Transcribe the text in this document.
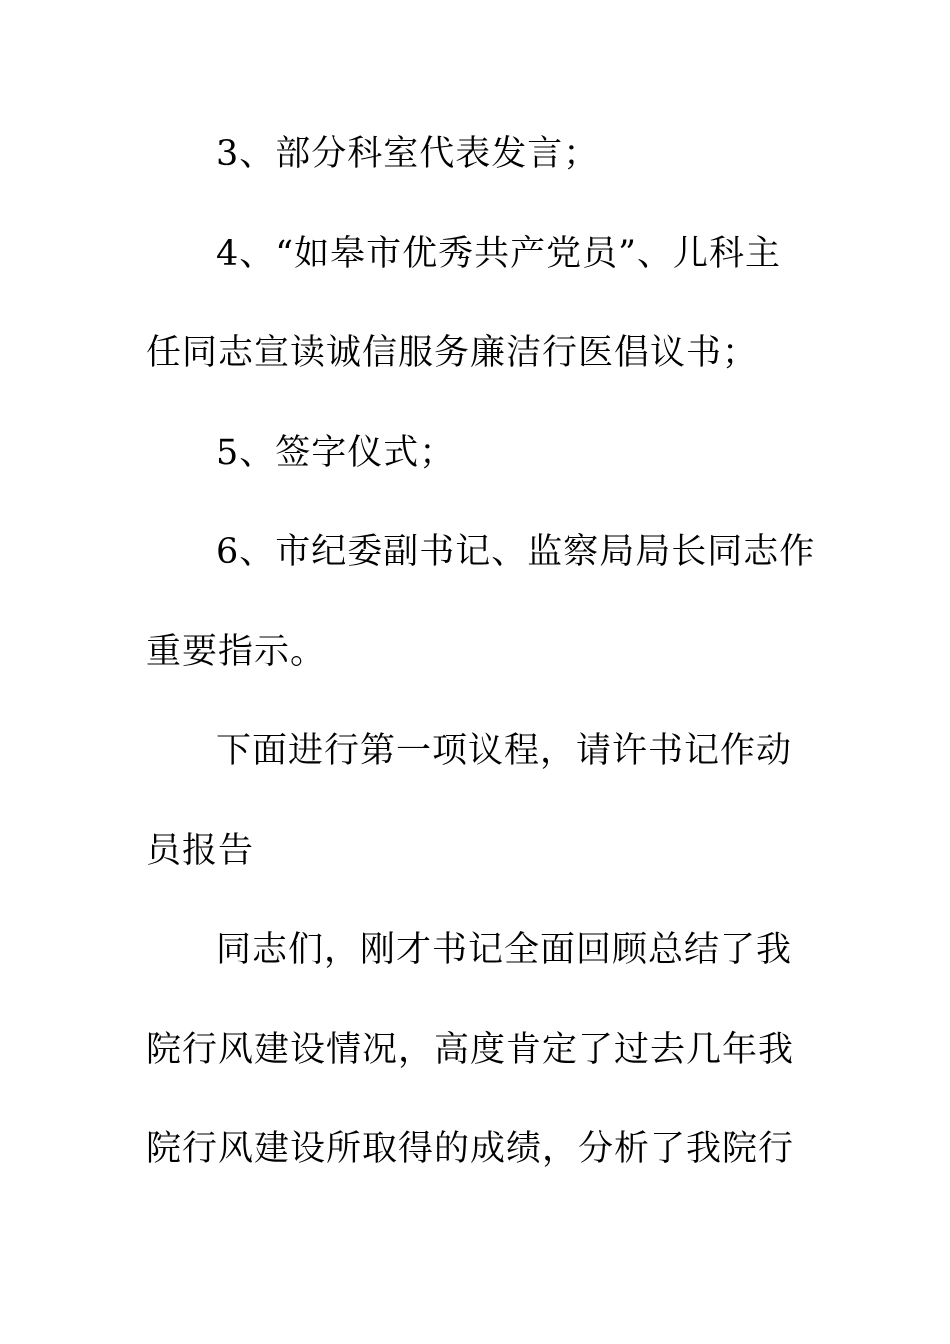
3、部分科室代表发言；
4、“如皋市优秀共产党员”、儿科主
任同志宣读诚信服务廉洁行医倡议书；
5、签字仪式；
6、市纪委副书记、监察局局长同志作
重要指示。
下面进行第一项议程，请许书记作动
员报告
同志们，刚才书记全面回顾总结了我
院行风建设情况，高度肯定了过去几年我
院行风建设所取得的成绩，分析了我院行
